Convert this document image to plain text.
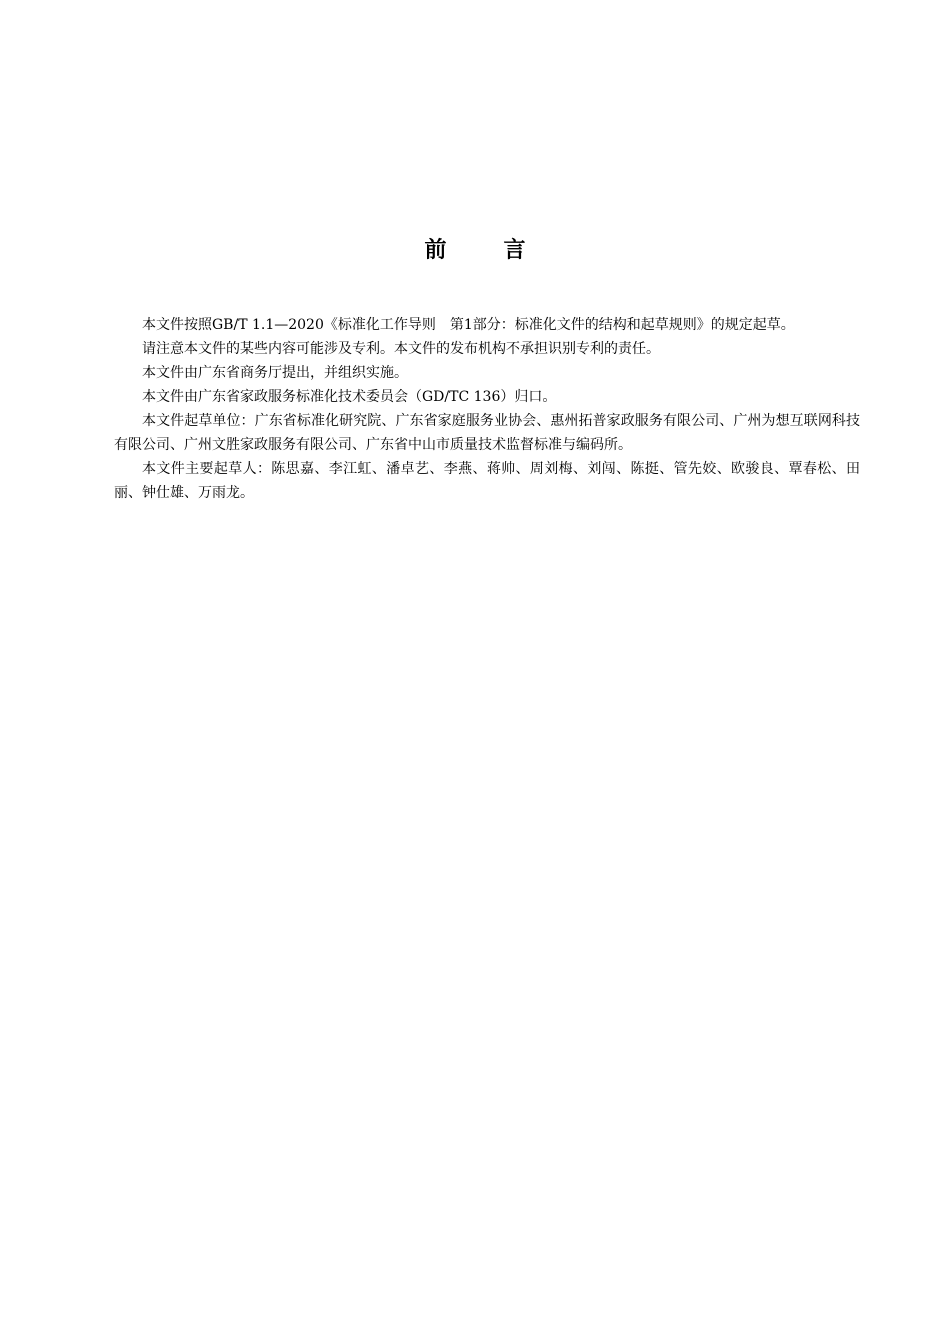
前	言

本文件按照GB/T 1.1—2020《标准化工作导则　第1部分：标准化文件的结构和起草规则》的规定起草。

请注意本文件的某些内容可能涉及专利。本文件的发布机构不承担识别专利的责任。

本文件由广东省商务厅提出，并组织实施。

本文件由广东省家政服务标准化技术委员会（GD/TC 136）归口。

本文件起草单位：广东省标准化研究院、广东省家庭服务业协会、惠州拓普家政服务有限公司、广州为想互联网科技有限公司、广州文胜家政服务有限公司、广东省中山市质量技术监督标准与编码所。

本文件主要起草人：陈思嘉、李江虹、潘卓艺、李燕、蒋帅、周刘梅、刘闯、陈挺、管先姣、欧骏良、覃春松、田丽、钟仕雄、万雨龙。
